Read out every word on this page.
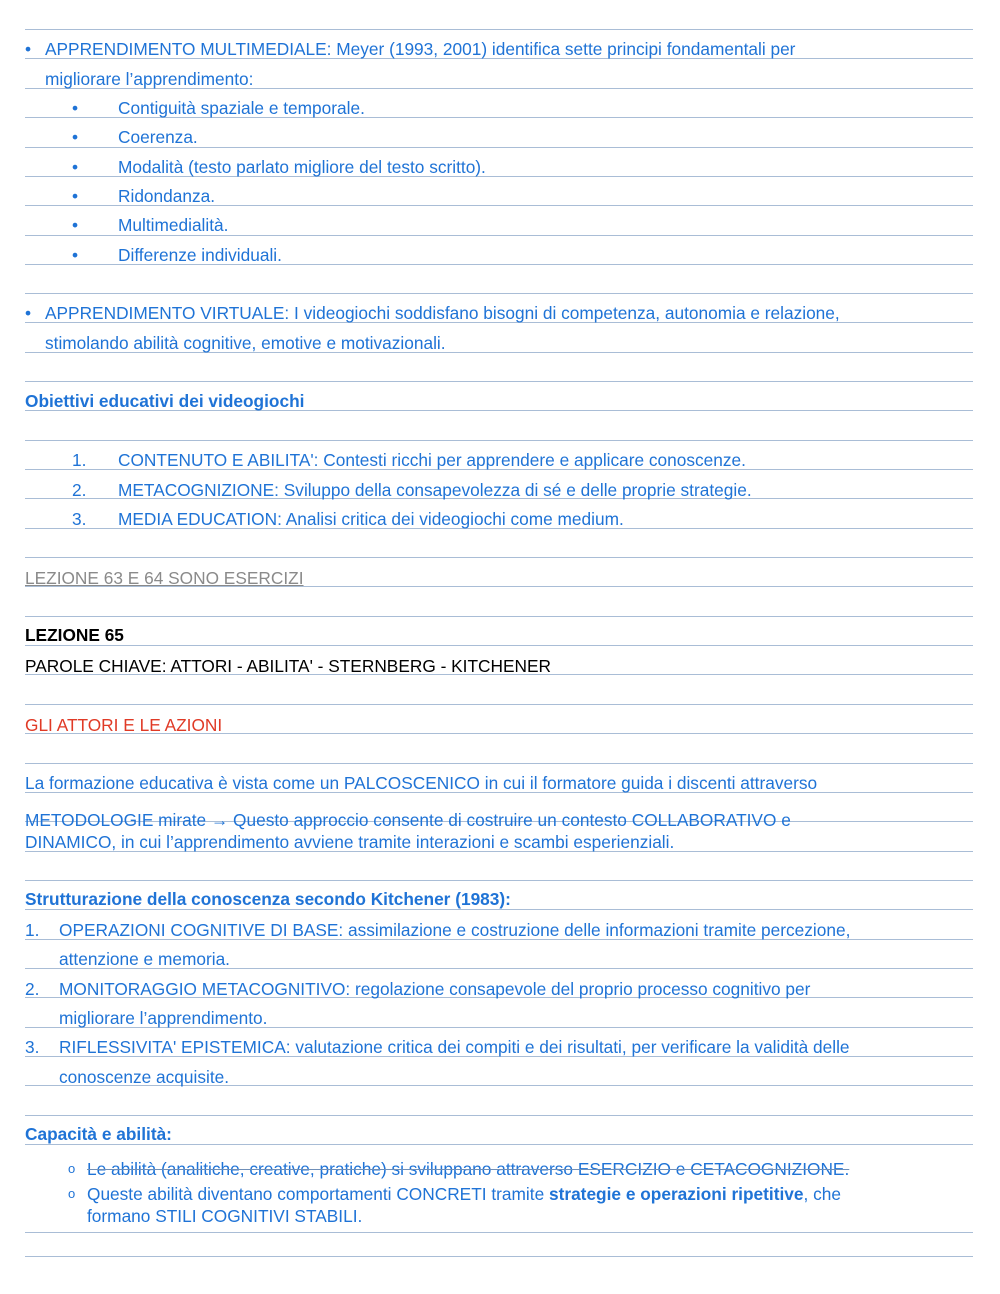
• APPRENDIMENTO MULTIMEDIALE: Meyer (1993, 2001) identifica sette principi fondamentali per
migliorare l’apprendimento:
• Contiguità spaziale e temporale.
• Coerenza.
• Modalità (testo parlato migliore del testo scritto).
• Ridondanza.
• Multimedialità.
• Differenze individuali.
• APPRENDIMENTO VIRTUALE: I videogiochi soddisfano bisogni di competenza, autonomia e relazione,
stimolando abilità cognitive, emotive e motivazionali.
Obiettivi educativi dei videogiochi
1. CONTENUTO E ABILITA': Contesti ricchi per apprendere e applicare conoscenze.
2. METACOGNIZIONE: Sviluppo della consapevolezza di sé e delle proprie strategie.
3. MEDIA EDUCATION: Analisi critica dei videogiochi come medium.
LEZIONE 63 E 64 SONO ESERCIZI
LEZIONE 65
PAROLE CHIAVE: ATTORI - ABILITA' - STERNBERG - KITCHENER
GLI ATTORI E LE AZIONI
La formazione educativa è vista come un PALCOSCENICO in cui il formatore guida i discenti attraverso
METODOLOGIE mirate → Questo approccio consente di costruire un contesto COLLABORATIVO e
DINAMICO, in cui l’apprendimento avviene tramite interazioni e scambi esperienziali.
Strutturazione della conoscenza secondo Kitchener (1983):
1. OPERAZIONI COGNITIVE DI BASE: assimilazione e costruzione delle informazioni tramite percezione,
attenzione e memoria.
2. MONITORAGGIO METACOGNITIVO: regolazione consapevole del proprio processo cognitivo per
migliorare l’apprendimento.
3. RIFLESSIVITA' EPISTEMICA: valutazione critica dei compiti e dei risultati, per verificare la validità delle
conoscenze acquisite.
Capacità e abilità:
o Le abilità (analitiche, creative, pratiche) si sviluppano attraverso ESERCIZIO e CETACOGNIZIONE.
o Queste abilità diventano comportamenti CONCRETI tramite strategie e operazioni ripetitive, che
formano STILI COGNITIVI STABILI.
